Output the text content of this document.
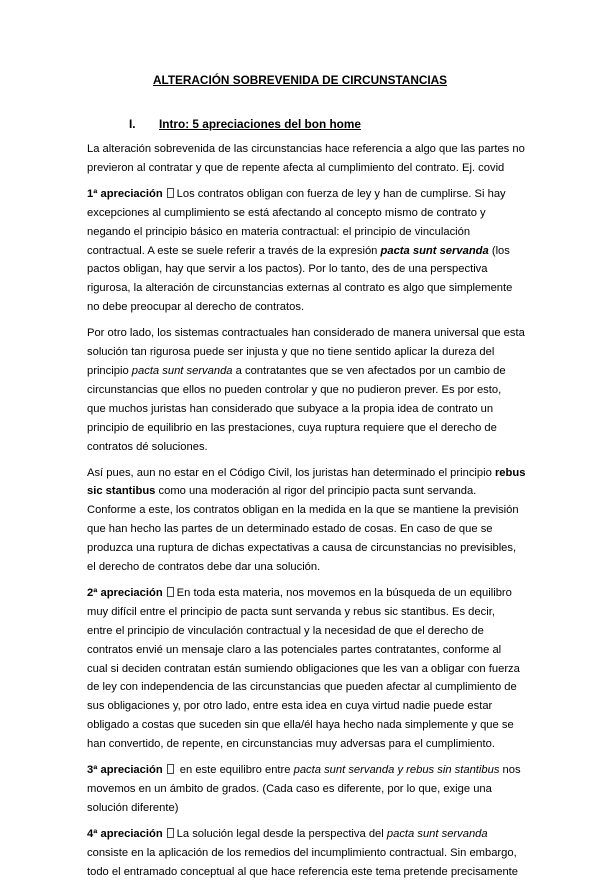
ALTERACIÓN SOBREVENIDA DE CIRCUNSTANCIAS
I. Intro: 5 apreciaciones del bon home
La alteración sobrevenida de las circunstancias hace referencia a algo que las partes no
previeron al contratar y que de repente afecta al cumplimiento del contrato. Ej. covid
1ª apreciación Los contratos obligan con fuerza de ley y han de cumplirse. Si hay
excepciones al cumplimiento se está afectando al concepto mismo de contrato y
negando el principio básico en materia contractual: el principio de vinculación
contractual. A este se suele referir a través de la expresión pacta sunt servanda (los
pactos obligan, hay que servir a los pactos). Por lo tanto, des de una perspectiva
rigurosa, la alteración de circunstancias externas al contrato es algo que simplemente
no debe preocupar al derecho de contratos.
Por otro lado, los sistemas contractuales han considerado de manera universal que esta
solución tan rigurosa puede ser injusta y que no tiene sentido aplicar la dureza del
principio pacta sunt servanda a contratantes que se ven afectados por un cambio de
circunstancias que ellos no pueden controlar y que no pudieron prever. Es por esto,
que muchos juristas han considerado que subyace a la propia idea de contrato un
principio de equilibrio en las prestaciones, cuya ruptura requiere que el derecho de
contratos dé soluciones.
Así pues, aun no estar en el Código Civil, los juristas han determinado el principio rebus
sic stantibus como una moderación al rigor del principio pacta sunt servanda.
Conforme a este, los contratos obligan en la medida en la que se mantiene la previsión
que han hecho las partes de un determinado estado de cosas. En caso de que se
produzca una ruptura de dichas expectativas a causa de circunstancias no previsibles,
el derecho de contratos debe dar una solución.
2ª apreciación En toda esta materia, nos movemos en la búsqueda de un equilibro
muy difícil entre el principio de pacta sunt servanda y rebus sic stantibus. Es decir,
entre el principio de vinculación contractual y la necesidad de que el derecho de
contratos envié un mensaje claro a las potenciales partes contratantes, conforme al
cual si deciden contratan están sumiendo obligaciones que les van a obligar con fuerza
de ley con independencia de las circunstancias que pueden afectar al cumplimiento de
sus obligaciones y, por otro lado, entre esta idea en cuya virtud nadie puede estar
obligado a costas que suceden sin que ella/él haya hecho nada simplemente y que se
han convertido, de repente, en circunstancias muy adversas para el cumplimiento.
3ª apreciación en este equilibro entre pacta sunt servanda y rebus sin stantibus nos
movemos en un ámbito de grados. (Cada caso es diferente, por lo que, exige una
solución diferente)
4ª apreciación La solución legal desde la perspectiva del pacta sunt servanda
consiste en la aplicación de los remedios del incumplimiento contractual. Sin embargo,
todo el entramado conceptual al que hace referencia este tema pretende precisamente
